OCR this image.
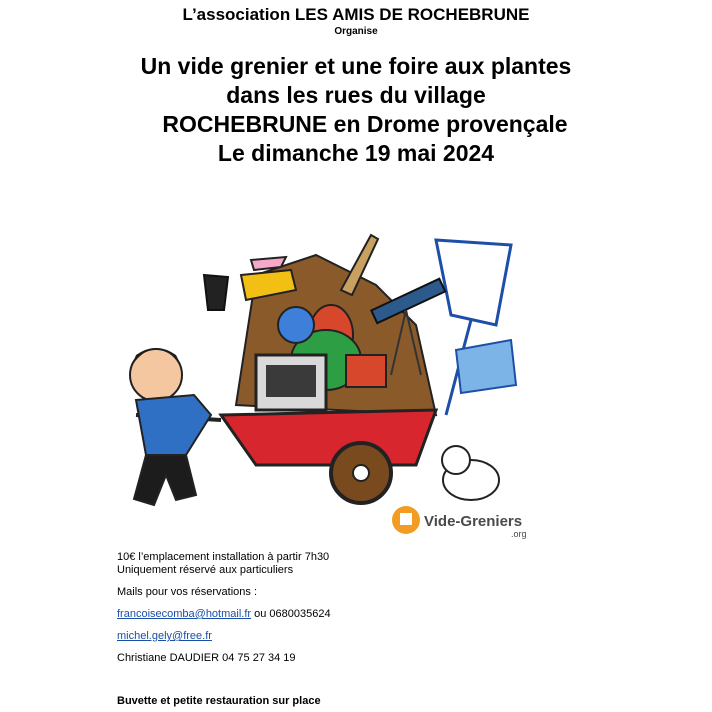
L’association LES AMIS DE ROCHEBRUNE
Organise
Un vide grenier et une foire aux plantes
dans les rues du village
ROCHEBRUNE en Drome provençale
Le dimanche 19 mai 2024
Vide-Greniers
.org
10€ l’emplacement installation à partir 7h30
Uniquement réservé aux particuliers
Mails pour vos réservations :
francoisecomba@hotmail.fr ou 0680035624
michel.gely@free.fr
Christiane DAUDIER 04 75 27 34 19
Buvette et petite restauration sur place
